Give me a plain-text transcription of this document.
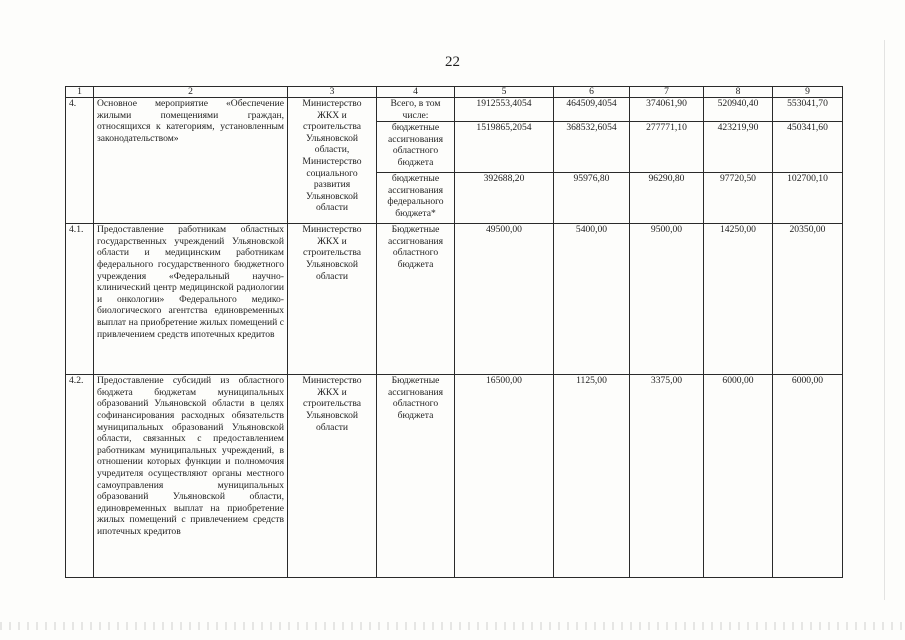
22
1	2	3	4	5	6	7	8	9
4.	Основное мероприятие «Обеспечение жилыми помещениями граждан, относящихся к категориям, установленным законодательством»	Министерство ЖКХ и строительства Ульяновской области, Министерство социального развития Ульяновской области	Всего, в том числе:	1912553,4054	464509,4054	374061,90	520940,40	553041,70
			бюджетные ассигнования областного бюджета	1519865,2054	368532,6054	277771,10	423219,90	450341,60
			бюджетные ассигнования федерального бюджета*	392688,20	95976,80	96290,80	97720,50	102700,10
4.1.	Предоставление работникам областных государственных учреждений Ульяновской области и медицинским работникам федерального государственного бюджетного учреждения «Федеральный научно-клинический центр медицинской радиологии и онкологии» Федерального медико-биологического агентства единовременных выплат на приобретение жилых помещений с привлечением средств ипотечных кредитов	Министерство ЖКХ и строительства Ульяновской области	Бюджетные ассигнования областного бюджета	49500,00	5400,00	9500,00	14250,00	20350,00
4.2.	Предоставление субсидий из областного бюджета бюджетам муниципальных образований Ульяновской области в целях софинансирования расходных обязательств муниципальных образований Ульяновской области, связанных с предоставлением работникам муниципальных учреждений, в отношении которых функции и полномочия учредителя осуществляют органы местного самоуправления муниципальных образований Ульяновской области, единовременных выплат на приобретение жилых помещений с привлечением средств ипотечных кредитов	Министерство ЖКХ и строительства Ульяновской области	Бюджетные ассигнования областного бюджета	16500,00	1125,00	3375,00	6000,00	6000,00
